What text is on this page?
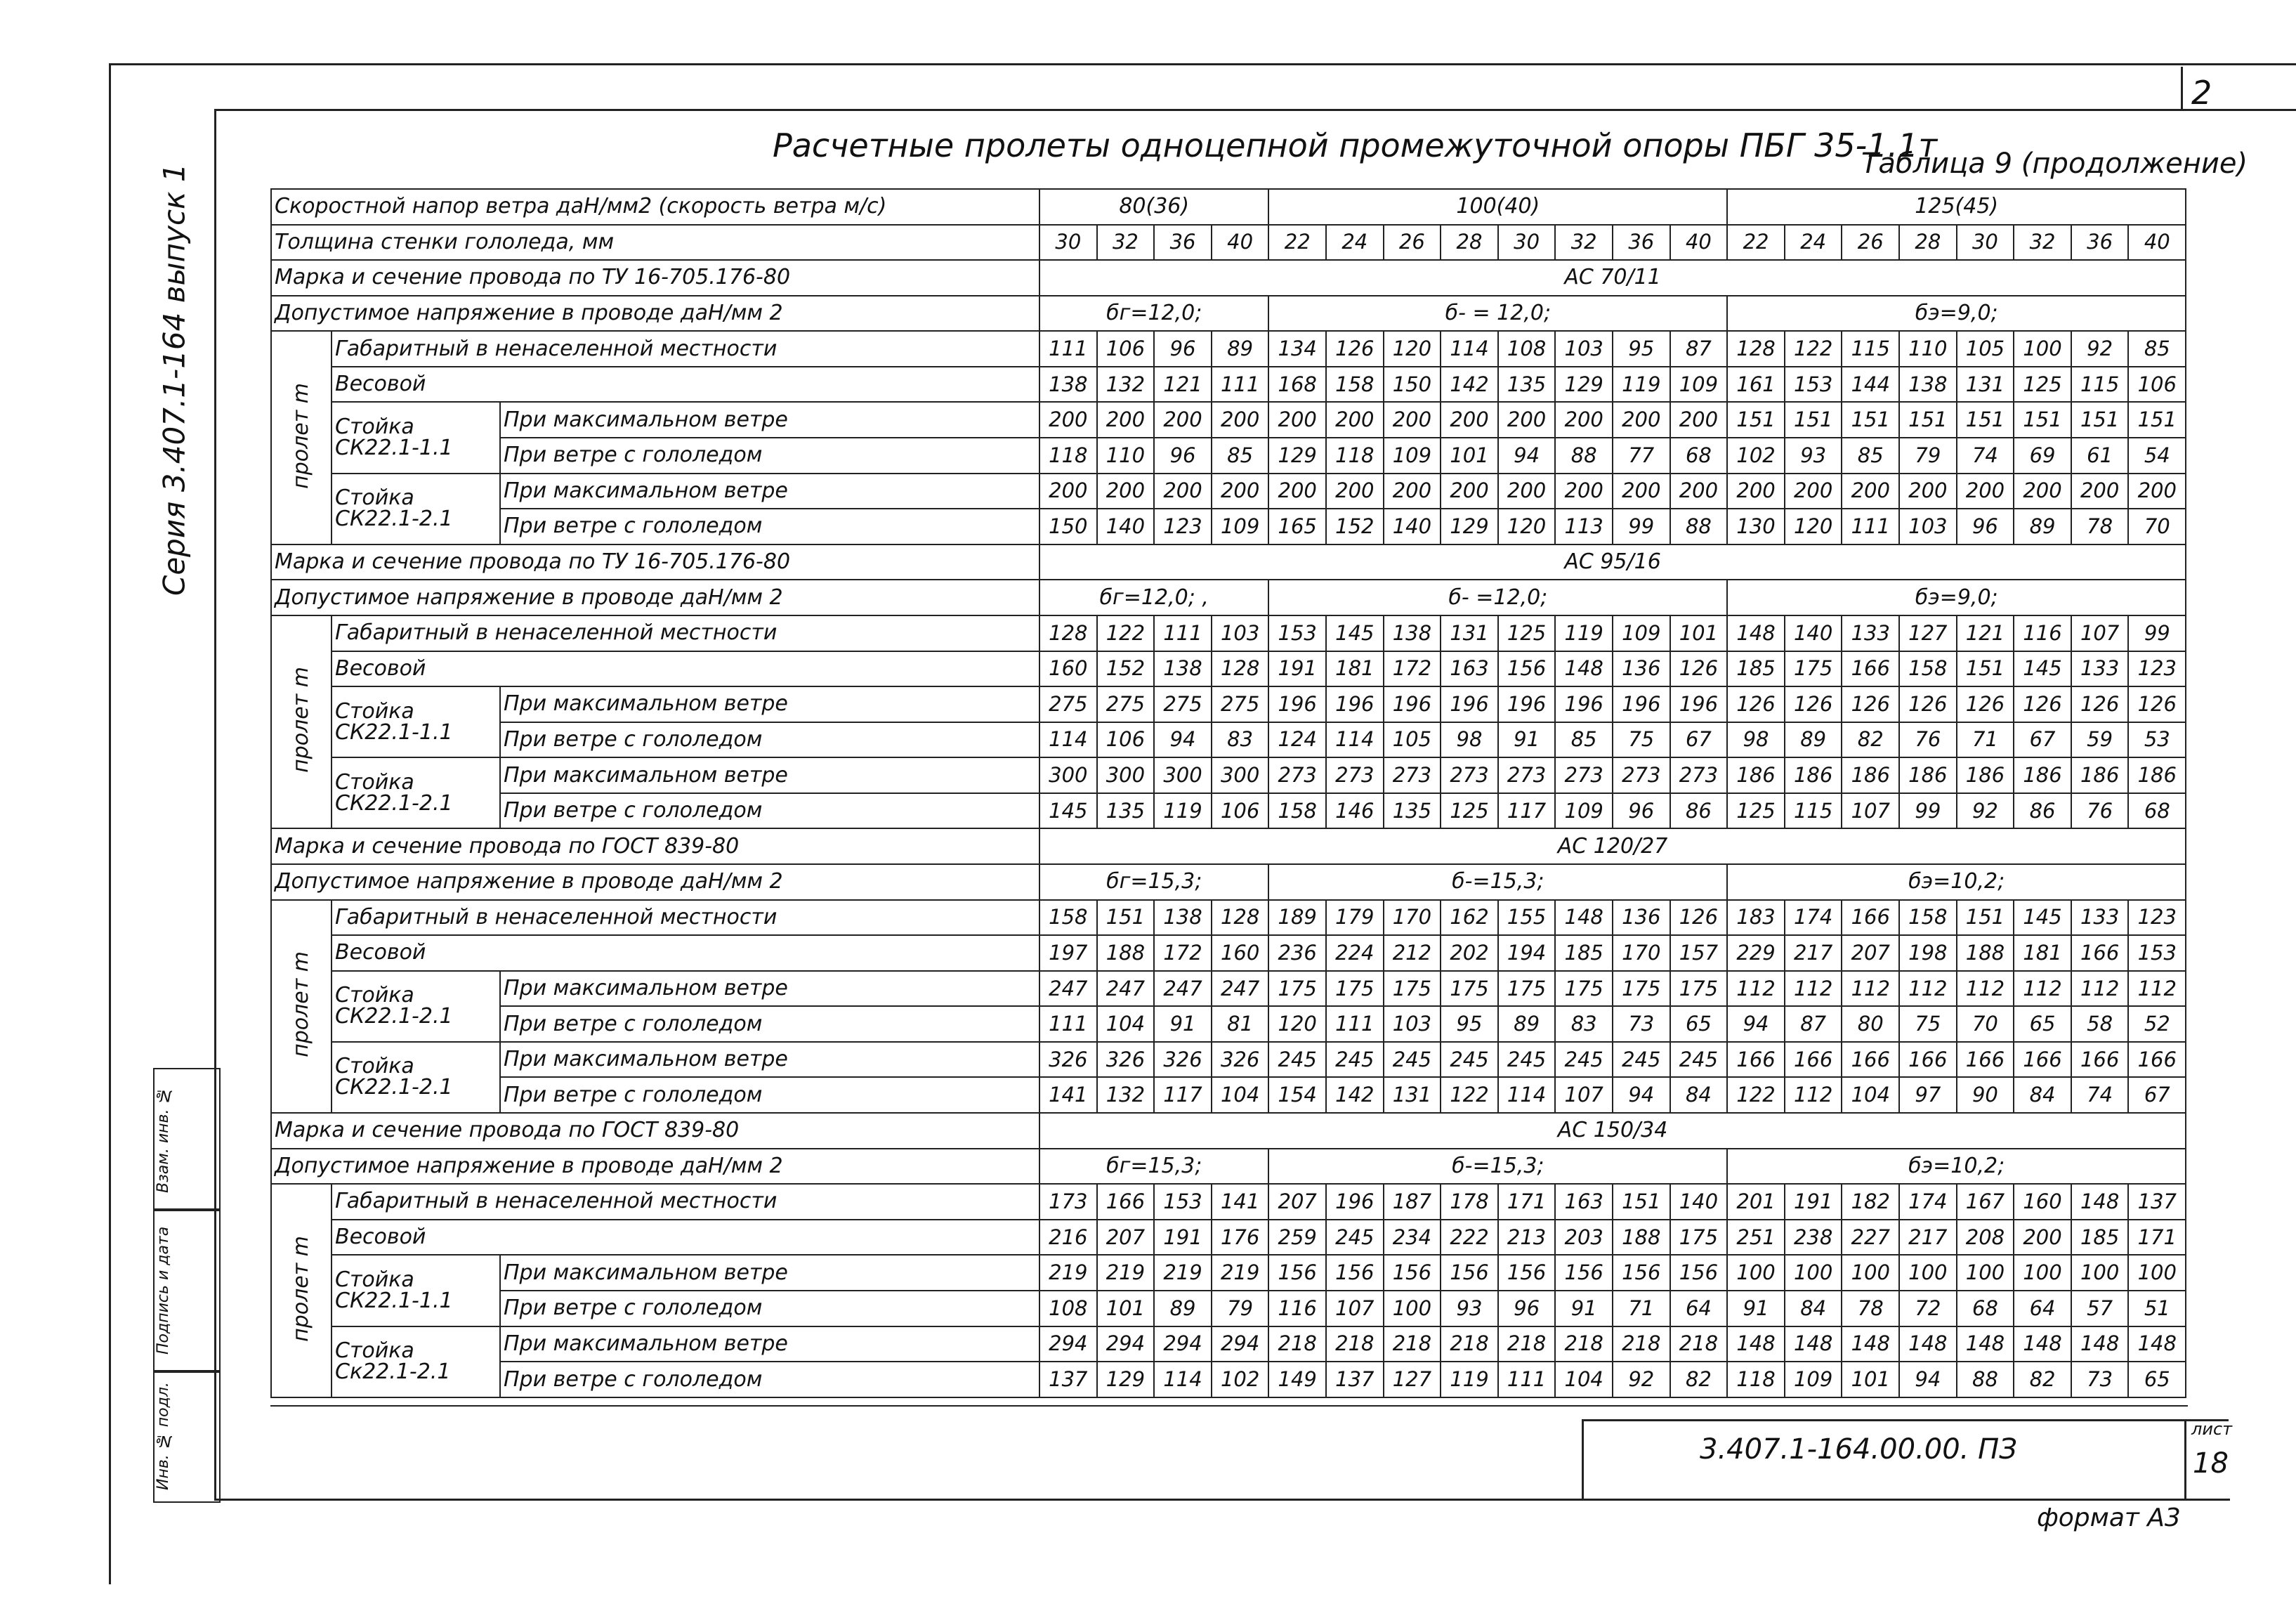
2
Серия 3.407.1-164 выпуск 1
Расчетные пролеты одноцепной промежуточной опоры ПБГ 35-1.1т
Таблица 9 (продолжение)
Взам. инв. №
Подпись и дата
Инв. № подл.
Скоростной напор ветра даН/мм2 (скорость ветра м/с)			80(36)				100(40)								125(45)							
Толщина стенки гололеда, мм			30	32	36	40	22	24	26	28	30	32	36	40	22	24	26	28	30	32	36	40
Марка и сечение провода по ТУ 16-705.176-80			АС 70/11																			
Допустимое напряжение в проводе даН/мм 2			бг=12,0;				б- = 12,0;								бэ=9,0;							
пролет m	Габаритный в ненаселенной местности		111	106	96	89	134	126	120	114	108	103	95	87	128	122	115	110	105	100	92	85
	Весовой		138	132	121	111	168	158	150	142	135	129	119	109	161	153	144	138	131	125	115	106
	Стойка СК22.1-1.1	При максимальном ветре	200	200	200	200	200	200	200	200	200	200	200	200	151	151	151	151	151	151	151	151
		При ветре с гололедом	118	110	96	85	129	118	109	101	94	88	77	68	102	93	85	79	74	69	61	54
	Стойка СК22.1-2.1	При максимальном ветре	200	200	200	200	200	200	200	200	200	200	200	200	200	200	200	200	200	200	200	200
		При ветре с гололедом	150	140	123	109	165	152	140	129	120	113	99	88	130	120	111	103	96	89	78	70
Марка и сечение провода по ТУ 16-705.176-80			АС 95/16																			
Допустимое напряжение в проводе даН/мм 2			бг=12,0; ,				б- =12,0;								бэ=9,0;							
пролет m	Габаритный в ненаселенной местности		128	122	111	103	153	145	138	131	125	119	109	101	148	140	133	127	121	116	107	99
	Весовой		160	152	138	128	191	181	172	163	156	148	136	126	185	175	166	158	151	145	133	123
	Стойка СК22.1-1.1	При максимальном ветре	275	275	275	275	196	196	196	196	196	196	196	196	126	126	126	126	126	126	126	126
		При ветре с гололедом	114	106	94	83	124	114	105	98	91	85	75	67	98	89	82	76	71	67	59	53
	Стойка СК22.1-2.1	При максимальном ветре	300	300	300	300	273	273	273	273	273	273	273	273	186	186	186	186	186	186	186	186
		При ветре с гололедом	145	135	119	106	158	146	135	125	117	109	96	86	125	115	107	99	92	86	76	68
Марка и сечение провода по ГОСТ 839-80			АС 120/27																			
Допустимое напряжение в проводе даН/мм 2			бг=15,3;				б-=15,3;								бэ=10,2;							
пролет m	Габаритный в ненаселенной местности		158	151	138	128	189	179	170	162	155	148	136	126	183	174	166	158	151	145	133	123
	Весовой		197	188	172	160	236	224	212	202	194	185	170	157	229	217	207	198	188	181	166	153
	Стойка СК22.1-2.1	При максимальном ветре	247	247	247	247	175	175	175	175	175	175	175	175	112	112	112	112	112	112	112	112
		При ветре с гололедом	111	104	91	81	120	111	103	95	89	83	73	65	94	87	80	75	70	65	58	52
	Стойка СК22.1-2.1	При максимальном ветре	326	326	326	326	245	245	245	245	245	245	245	245	166	166	166	166	166	166	166	166
		При ветре с гололедом	141	132	117	104	154	142	131	122	114	107	94	84	122	112	104	97	90	84	74	67
Марка и сечение провода по ГОСТ 839-80			АС 150/34																			
Допустимое напряжение в проводе даН/мм 2			бг=15,3;				б-=15,3;								бэ=10,2;							
пролет m	Габаритный в ненаселенной местности		173	166	153	141	207	196	187	178	171	163	151	140	201	191	182	174	167	160	148	137
	Весовой		216	207	191	176	259	245	234	222	213	203	188	175	251	238	227	217	208	200	185	171
	Стойка СК22.1-1.1	При максимальном ветре	219	219	219	219	156	156	156	156	156	156	156	156	100	100	100	100	100	100	100	100
		При ветре с гололедом	108	101	89	79	116	107	100	93	96	91	71	64	91	84	78	72	68	64	57	51
	Стойка Ск22.1-2.1	При максимальном ветре	294	294	294	294	218	218	218	218	218	218	218	218	148	148	148	148	148	148	148	148
		При ветре с гололедом	137	129	114	102	149	137	127	119	111	104	92	82	118	109	101	94	88	82	73	65
3.407.1-164.00.00. ПЗ
лист
18
формат А3
